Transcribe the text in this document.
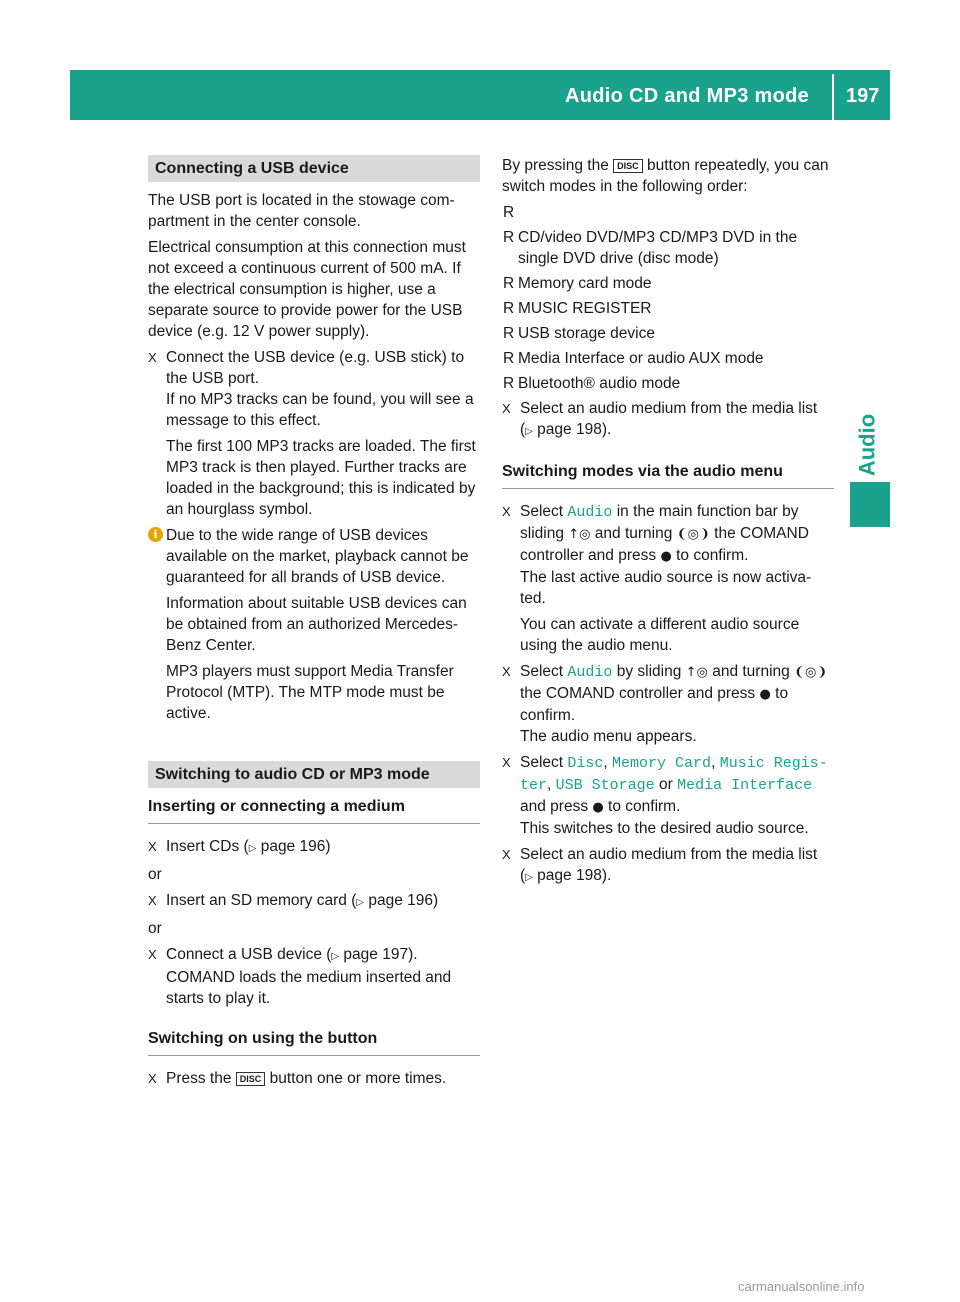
Audio CD and MP3 mode 197
Audio
Connecting a USB device

The USB port is located in the stowage com-partment in the center console.

Electrical consumption at this connection must not exceed a continuous current of 500 mA. If the electrical consumption is higher, use a separate source to provide power for the USB device (e.g. 12 V power supply).

X Connect the USB device (e.g. USB stick) to the USB port.
If no MP3 tracks can be found, you will see a message to this effect.
The first 100 MP3 tracks are loaded. The first MP3 track is then played. Further tracks are loaded in the background; this is indicated by an hourglass symbol.
i Due to the wide range of USB devices available on the market, playback cannot be guaranteed for all brands of USB device.

Information about suitable USB devices can be obtained from an authorized Mercedes-Benz Center.

MP3 players must support Media Transfer Protocol (MTP). The MTP mode must be active.

Switching to audio CD or MP3 mode
Inserting or connecting a medium
X Insert CDs (▷ page 196)

or

X Insert an SD memory card (▷ page 196)

or

X Connect a USB device (▷ page 197).
COMAND loads the medium inserted and starts to play it.
Switching on using the button
X Press the DISC button one or more times.

By pressing the DISC button repeatedly, you can switch modes in the following order:

R
R CD/video DVD/MP3 CD/MP3 DVD in the single DVD drive (disc mode)
R Memory card mode
R MUSIC REGISTER
R USB storage device
R Media Interface or audio AUX mode
R Bluetooth® audio mode
X Select an audio medium from the media list (▷ page 198).
Switching modes via the audio menu
X Select Audio in the main function bar by sliding ↑◎ and turning ❨◎❩ the COMAND controller and press ● to confirm.
The last active audio source is now activa-ted.
You can activate a different audio source using the audio menu.
X Select Audio by sliding ↑◎ and turning ❨◎❩ the COMAND controller and press ● to confirm.
The audio menu appears.
X Select Disc, Memory Card, Music Regis-ter, USB Storage or Media Interface and press ● to confirm.
This switches to the desired audio source.
X Select an audio medium from the media list (▷ page 198).
carmanualsonline.info
